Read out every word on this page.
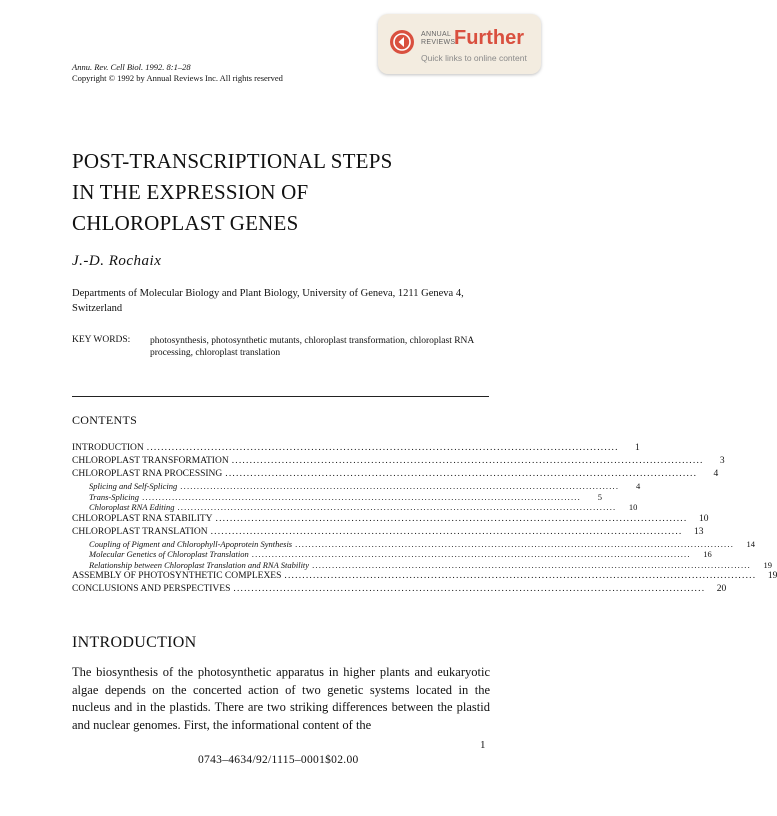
ANNUAL
REVIEWS
Further
Quick links to online content
Annu. Rev. Cell Biol. 1992. 8:1–28
Copyright © 1992 by Annual Reviews Inc. All rights reserved
POST-TRANSCRIPTIONAL STEPS
IN THE EXPRESSION OF
CHLOROPLAST GENES
J.-D. Rochaix
Departments of Molecular Biology and Plant Biology, University of Geneva, 1211 Geneva 4, Switzerland
KEY WORDS: photosynthesis, photosynthetic mutants, chloroplast transformation, chloroplast RNA processing, chloroplast translation
CONTENTS
INTRODUCTION ....................................................................................................................................	1
CHLOROPLAST TRANSFORMATION ....................................................................................................................................	3
CHLOROPLAST RNA PROCESSING ....................................................................................................................................	4
Splicing and Self-Splicing ....................................................................................................................................	4
Trans-Splicing ....................................................................................................................................	5
Chloroplast RNA Editing ....................................................................................................................................	10
CHLOROPLAST RNA STABILITY ....................................................................................................................................	10
CHLOROPLAST TRANSLATION ....................................................................................................................................	13
Coupling of Pigment and Chlorophyll-Apoprotein Synthesis ....................................................................................................................................	14
Molecular Genetics of Chloroplast Translation ....................................................................................................................................	16
Relationship between Chloroplast Translation and RNA Stability ....................................................................................................................................	19
ASSEMBLY OF PHOTOSYNTHETIC COMPLEXES ....................................................................................................................................	19
CONCLUSIONS AND PERSPECTIVES ....................................................................................................................................	20
INTRODUCTION
The biosynthesis of the photosynthetic apparatus in higher plants and eukaryotic algae depends on the concerted action of two genetic systems located in the nucleus and in the plastids. There are two striking differences between the plastid and nuclear genomes. First, the informational content of the
1
0743–4634/92/1115–0001$02.00
